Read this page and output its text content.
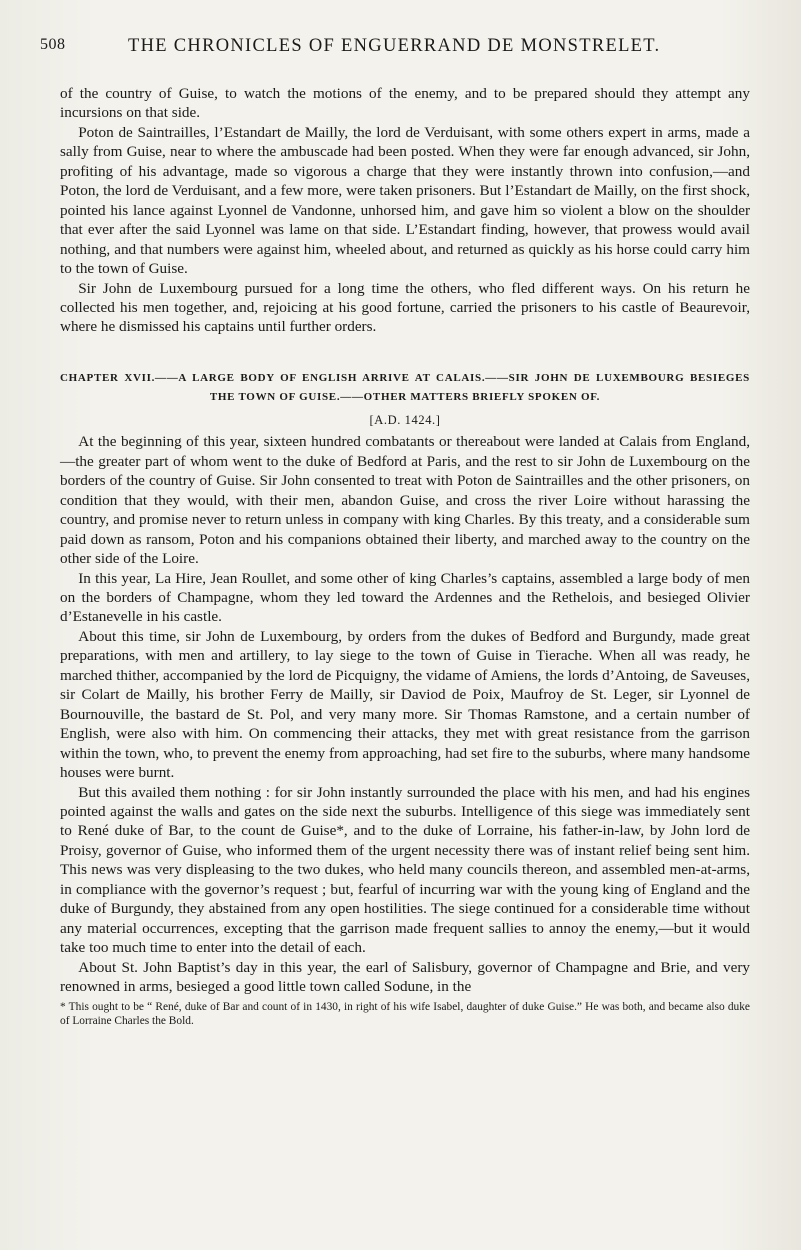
508	THE CHRONICLES OF ENGUERRAND DE MONSTRELET.

of the country of Guise, to watch the motions of the enemy, and to be prepared should they attempt any incursions on that side.

Poton de Saintrailles, l’Estandart de Mailly, the lord de Verduisant, with some others expert in arms, made a sally from Guise, near to where the ambuscade had been posted. When they were far enough advanced, sir John, profiting of his advantage, made so vigorous a charge that they were instantly thrown into confusion,—and Poton, the lord de Verduisant, and a few more, were taken prisoners. But l’Estandart de Mailly, on the first shock, pointed his lance against Lyonnel de Vandonne, unhorsed him, and gave him so violent a blow on the shoulder that ever after the said Lyonnel was lame on that side. L’Estandart finding, however, that prowess would avail nothing, and that numbers were against him, wheeled about, and returned as quickly as his horse could carry him to the town of Guise.

Sir John de Luxembourg pursued for a long time the others, who fled different ways. On his return he collected his men together, and, rejoicing at his good fortune, carried the prisoners to his castle of Beaurevoir, where he dismissed his captains until further orders.

CHAPTER XVII.——A LARGE BODY OF ENGLISH ARRIVE AT CALAIS.——SIR JOHN DE LUXEMBOURG BESIEGES THE TOWN OF GUISE.——OTHER MATTERS BRIEFLY SPOKEN OF.
[A.D. 1424.]

At the beginning of this year, sixteen hundred combatants or thereabout were landed at Calais from England,—the greater part of whom went to the duke of Bedford at Paris, and the rest to sir John de Luxembourg on the borders of the country of Guise. Sir John consented to treat with Poton de Saintrailles and the other prisoners, on condition that they would, with their men, abandon Guise, and cross the river Loire without harassing the country, and promise never to return unless in company with king Charles. By this treaty, and a considerable sum paid down as ransom, Poton and his companions obtained their liberty, and marched away to the country on the other side of the Loire.

In this year, La Hire, Jean Roullet, and some other of king Charles’s captains, assembled a large body of men on the borders of Champagne, whom they led toward the Ardennes and the Rethelois, and besieged Olivier d’Estanevelle in his castle.

About this time, sir John de Luxembourg, by orders from the dukes of Bedford and Burgundy, made great preparations, with men and artillery, to lay siege to the town of Guise in Tierache. When all was ready, he marched thither, accompanied by the lord de Picquigny, the vidame of Amiens, the lords d’Antoing, de Saveuses, sir Colart de Mailly, his brother Ferry de Mailly, sir Daviod de Poix, Maufroy de St. Leger, sir Lyonnel de Bournouville, the bastard de St. Pol, and very many more. Sir Thomas Ramstone, and a certain number of English, were also with him. On commencing their attacks, they met with great resistance from the garrison within the town, who, to prevent the enemy from approaching, had set fire to the suburbs, where many handsome houses were burnt.

But this availed them nothing : for sir John instantly surrounded the place with his men, and had his engines pointed against the walls and gates on the side next the suburbs. Intelligence of this siege was immediately sent to René duke of Bar, to the count de Guise*, and to the duke of Lorraine, his father-in-law, by John lord de Proisy, governor of Guise, who informed them of the urgent necessity there was of instant relief being sent him. This news was very displeasing to the two dukes, who held many councils thereon, and assembled men-at-arms, in compliance with the governor’s request ; but, fearful of incurring war with the young king of England and the duke of Burgundy, they abstained from any open hostilities. The siege continued for a considerable time without any material occurrences, excepting that the garrison made frequent sallies to annoy the enemy,—but it would take too much time to enter into the detail of each.

About St. John Baptist’s day in this year, the earl of Salisbury, governor of Champagne and Brie, and very renowned in arms, besieged a good little town called Sodune, in the

* This ought to be “ René, duke of Bar and count of in 1430, in right of his wife Isabel, daughter of duke Guise.” He was both, and became also duke of Lorraine Charles the Bold.
